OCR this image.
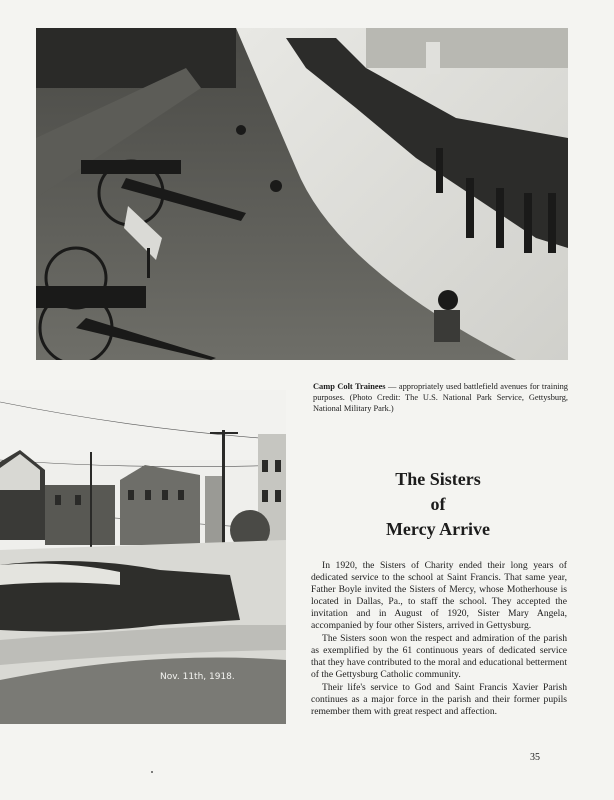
Camp Colt Trainees — appropriately used battlefield avenues for training purposes. (Photo Credit: The U.S. National Park Service, Gettysburg, National Military Park.)
Nov. 11th, 1918.
The Sisters
of
Mercy Arrive

In 1920, the Sisters of Charity ended their long years of dedicated service to the school at Saint Francis. That same year, Father Boyle invited the Sisters of Mercy, whose Motherhouse is located in Dallas, Pa., to staff the school. They accepted the invitation and in August of 1920, Sister Mary Angela, accompanied by four other Sisters, arrived in Gettysburg.

The Sisters soon won the respect and admiration of the parish as exemplified by the 61 continuous years of dedicated service that they have contributed to the moral and educational betterment of the Gettysburg Catholic community.

Their life's service to God and Saint Francis Xavier Parish continues as a major force in the parish and their former pupils remember them with great respect and affection.

35
